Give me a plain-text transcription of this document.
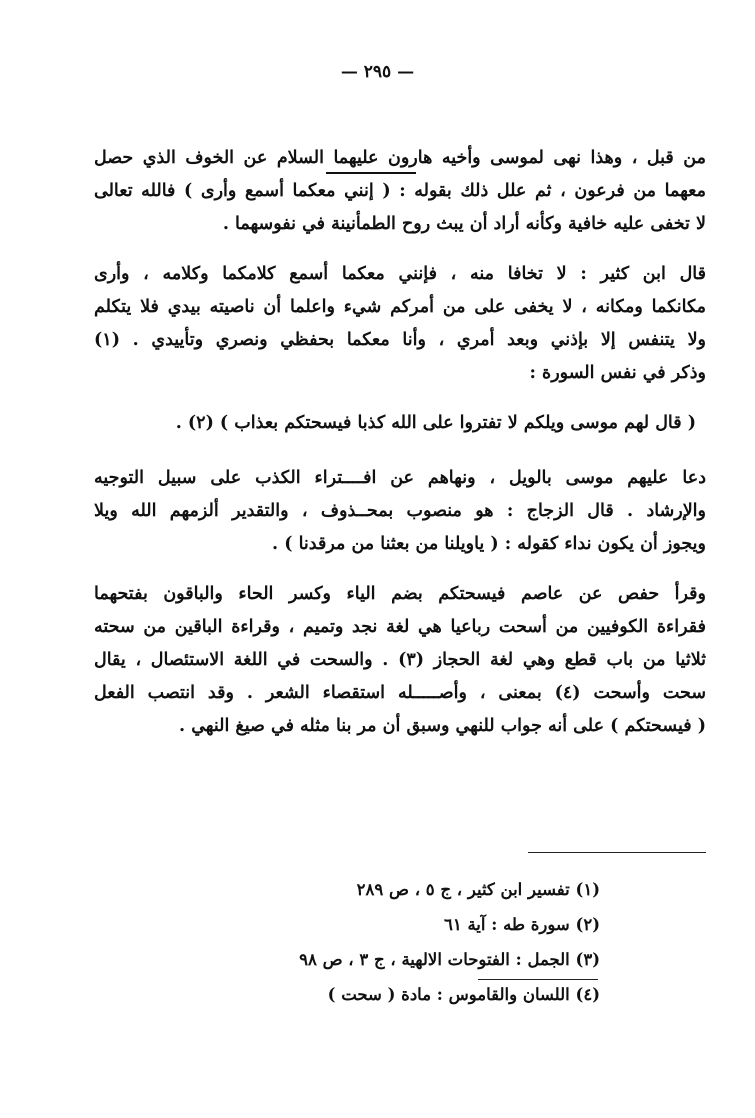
— ٢٩٥ —
من قبل ، وهذا نهى لموسى وأخيه هارون عليهما السلام عن الخوف الذي حصل
معهما من فرعون ، ثم علل ذلك بقوله : ( إنني معكما أسمع وأرى ) فالله تعالى
لا تخفى عليه خافية وكأنه أراد أن يبث روح الطمأنينة في نفوسهما .
قال ابن كثير : لا تخافا منه ، فإنني معكما أسمع كلامكما وكلامه ، وأرى
مكانكما ومكانه ، لا يخفى على من أمركم شيء واعلما أن ناصيته بيدي فلا يتكلم
ولا يتنفس إلا بإذني وبعد أمري ، وأنا معكما بحفظي ونصري وتأييدي . (١)
وذكر في نفس السورة :
( قال لهم موسى ويلكم لا تفتروا على الله كذبا فيسحتكم بعذاب ) (٢) .
دعا عليهم موسى بالويل ، ونهاهم عن افــــتراء الكذب على سبيل التوجيه
والإرشاد . قال الزجاج : هو منصوب بمحــذوف ، والتقدير ألزمهم الله ويلا
ويجوز أن يكون نداء كقوله : ( ياويلنا من بعثنا من مرقدنا ) .
وقرأ حفص عن عاصم فيسحتكم بضم الياء وكسر الحاء والباقون بفتحهما
فقراءة الكوفيين من أسحت رباعيا هي لغة نجد وتميم ، وقراءة الباقين من سحته
ثلاثيا من باب قطع وهي لغة الحجاز (٣) . والسحت في اللغة الاستئصال ، يقال
سحت وأسحت (٤) بمعنى ، وأصـــــله استقصاء الشعر . وقد انتصب الفعل
( فيسحتكم ) على أنه جواب للنهي وسبق أن مر بنا مثله في صيغ النهي .
(١) تفسير ابن كثير ، ج ٥ ، ص ٢٨٩
(٢) سورة طه : آية ٦١
(٣) الجمل : الفتوحات الالهية ، ج ٣ ، ص ٩٨
(٤) اللسان والقاموس : مادة ( سحت )
